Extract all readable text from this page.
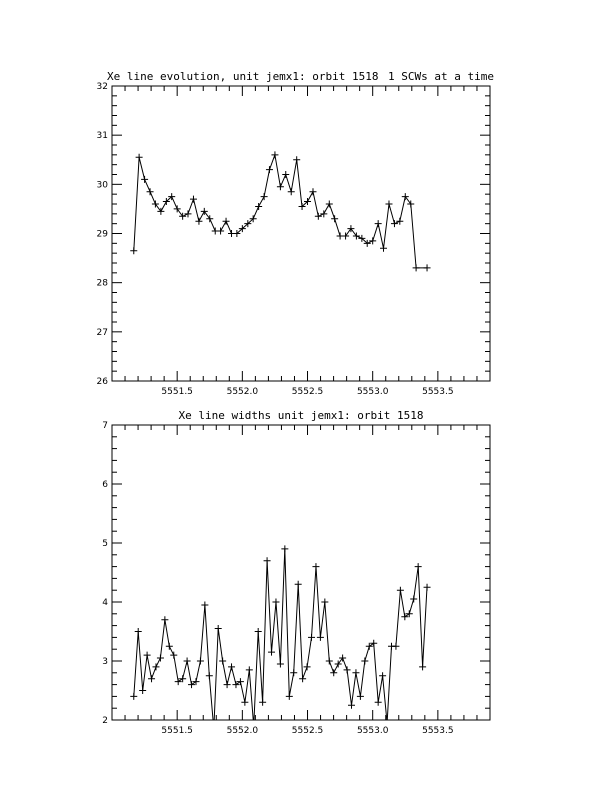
Xe line evolution, unit jemx1: orbit 1518 1 SCWs at a time
5551.5	5552.0	5552.5	5553.0	5553.5
26
27
28
29
30
31
32
Xe line widths unit jemx1: orbit 1518
5551.5	5552.0	5552.5	5553.0	5553.5
2
3
4
5
6
7
